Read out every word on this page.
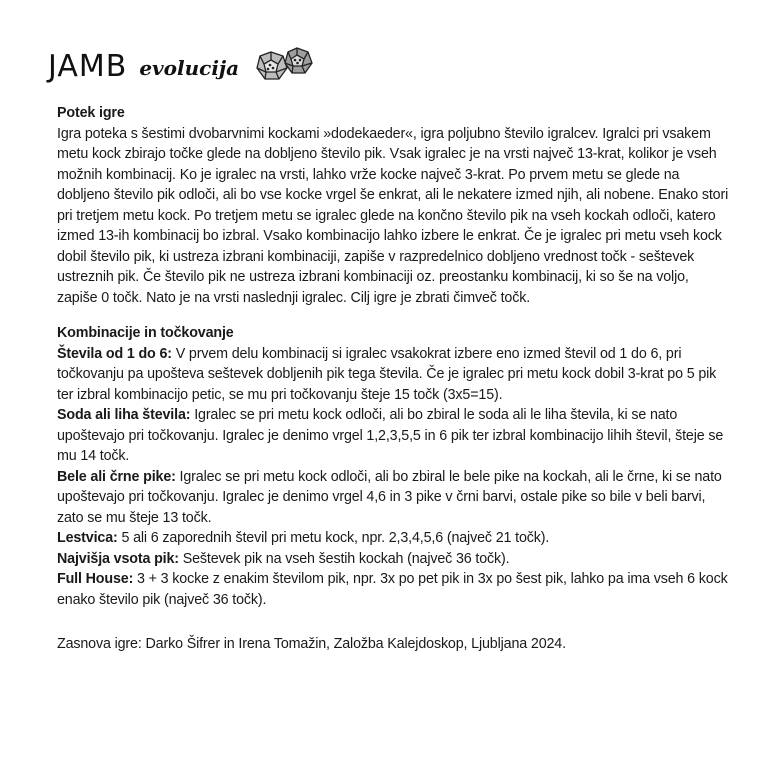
JAMB evolucija
Potek igre

Igra poteka s šestimi dvobarvnimi kockami »dodekaeder«, igra poljubno število igralcev. Igralci pri vsakem metu kock zbirajo točke glede na dobljeno število pik. Vsak igralec je na vrsti največ 13-krat, kolikor je vseh možnih kombinacij. Ko je igralec na vrsti, lahko vrže kocke največ 3-krat. Po prvem metu se glede na dobljeno število pik odloči, ali bo vse kocke vrgel še enkrat, ali le nekatere izmed njih, ali nobene. Enako stori pri tretjem metu kock. Po tretjem metu se igralec glede na končno število pik na vseh kockah odloči, katero izmed 13-ih kombinacij bo izbral. Vsako kombinacijo lahko izbere le enkrat. Če je igralec pri metu vseh kock dobil število pik, ki ustreza izbrani kombinaciji, zapiše v razpredelnico dobljeno vrednost točk - seštevek ustreznih pik. Če število pik ne ustreza izbrani kombinaciji oz. preostanku kombinacij, ki so še na voljo, zapiše 0 točk. Nato je na vrsti naslednji igralec. Cilj igre je zbrati čimveč točk.

Kombinacije in točkovanje

Števila od 1 do 6: V prvem delu kombinacij si igralec vsakokrat izbere eno izmed števil od 1 do 6, pri točkovanju pa upošteva seštevek dobljenih pik tega števila. Če je igralec pri metu kock dobil 3-krat po 5 pik ter izbral kombinacijo petic, se mu pri točkovanju šteje 15 točk (3x5=15).

Soda ali liha števila: Igralec se pri metu kock odloči, ali bo zbiral le soda ali le liha števila, ki se nato upoštevajo pri točkovanju. Igralec je denimo vrgel 1,2,3,5,5 in 6 pik ter izbral kombinacijo lihih števil, šteje se mu 14 točk.

Bele ali črne pike: Igralec se pri metu kock odloči, ali bo zbiral le bele pike na kockah, ali le črne, ki se nato upoštevajo pri točkovanju. Igralec je denimo vrgel 4,6 in 3 pike v črni barvi, ostale pike so bile v beli barvi, zato se mu šteje 13 točk.

Lestvica: 5 ali 6 zaporednih števil pri metu kock, npr. 2,3,4,5,6 (največ 21 točk).

Najvišja vsota pik: Seštevek pik na vseh šestih kockah (največ 36 točk).

Full House: 3 + 3 kocke z enakim številom pik, npr. 3x po pet pik in 3x po šest pik, lahko pa ima vseh 6 kock enako število pik (največ 36 točk).

Zasnova igre: Darko Šifrer in Irena Tomažin, Založba Kalejdoskop, Ljubljana 2024.
